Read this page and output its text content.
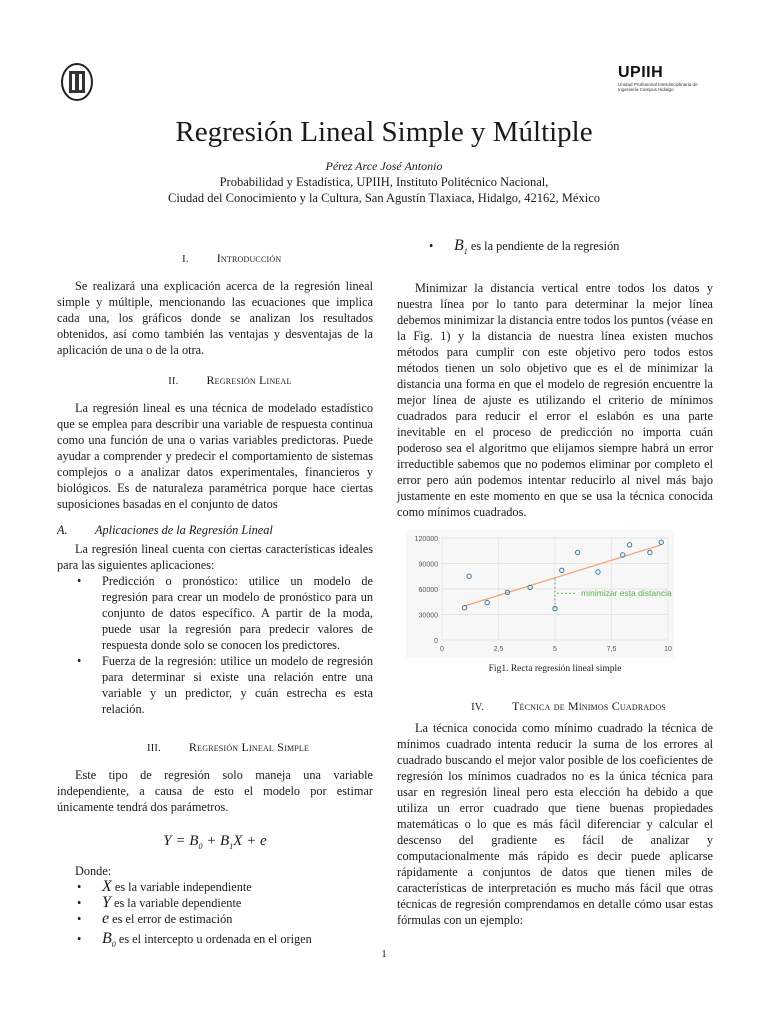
UPIIH
Unidad Profesional Interdisciplinaria de
Ingeniería Campus Hidalgo
Regresión Lineal Simple y Múltiple
Pérez Arce José Antonio
Probabilidad y Estadística, UPIIH, Instituto Politécnico Nacional,
Ciudad del Conocimiento y la Cultura, San Agustín Tlaxiaca, Hidalgo, 42162, México
I. Introducción
Se realizará una explicación acerca de la regresión lineal simple y múltiple, mencionando las ecuaciones que implica cada una, los gráficos donde se analizan los resultados obtenidos, así como también las ventajas y desventajas de la aplicación de una o de la otra.
II. Regresión Lineal
La regresión lineal es una técnica de modelado estadístico que se emplea para describir una variable de respuesta continua como una función de una o varias variables predictoras. Puede ayudar a comprender y predecir el comportamiento de sistemas complejos o a analizar datos experimentales, financieros y biológicos. Es de naturaleza paramétrica porque hace ciertas suposiciones basadas en el conjunto de datos
A. Aplicaciones de la Regresión Lineal
La regresión lineal cuenta con ciertas características ideales para las siguientes aplicaciones:
• Predicción o pronóstico: utilice un modelo de regresión para crear un modelo de pronóstico para un conjunto de datos específico. A partir de la moda, puede usar la regresión para predecir valores de respuesta donde solo se conocen los predictores.
• Fuerza de la regresión: utilice un modelo de regresión para determinar si existe una relación entre una variable y un predictor, y cuán estrecha es esta relación.
III. Regresión Lineal Simple
Este tipo de regresión solo maneja una variable independiente, a causa de esto el modelo por estimar únicamente tendrá dos parámetros.
$Y = B_0 + B_1X + e$
Donde:
• X es la variable independiente
• Y es la variable dependiente
• e es el error de estimación
• $B_0$ es el intercepto u ordenada en el origen
• $B_1$ es la pendiente de la regresión
Minimizar la distancia vertical entre todos los datos y nuestra línea por lo tanto para determinar la mejor línea debemos minimizar la distancia entre todos los puntos (véase en la Fig. 1) y la distancia de nuestra línea existen muchos métodos para cumplir con este objetivo pero todos estos métodos tienen un solo objetivo que es el de minimizar la distancia una forma en que el modelo de regresión encuentre la mejor línea de ajuste es utilizando el criterio de mínimos cuadrados para reducir el error el eslabón es una parte inevitable en el proceso de predicción no importa cuán poderoso sea el algoritmo que elijamos siempre habrá un error irreductible sabemos que no podemos eliminar por completo el error pero aún podemos intentar reducirlo al nivel más bajo justamente en este momento en que se usa la técnica conocida como mínimos cuadrados.
0
30000
60000
90000
120000
0	2,5	5	7,5	10
minimizar esta distancia
Fig1. Recta regresión lineal simple
IV. Técnica de Mínimos Cuadrados
La técnica conocida como mínimo cuadrado la técnica de mínimos cuadrado intenta reducir la suma de los errores al cuadrado buscando el mejor valor posible de los coeficientes de regresión los mínimos cuadrados no es la única técnica para usar en regresión lineal pero esta elección ha debido a que utiliza un error cuadrado que tiene buenas propiedades matemáticas o lo que es más fácil diferenciar y calcular el descenso del gradiente es fácil de analizar y computacionalmente más rápido es decir puede aplicarse rápidamente a conjuntos de datos que tienen miles de características de interpretación es mucho más fácil que otras técnicas de regresión comprendamos en detalle cómo usar estas fórmulas con un ejemplo:
1
